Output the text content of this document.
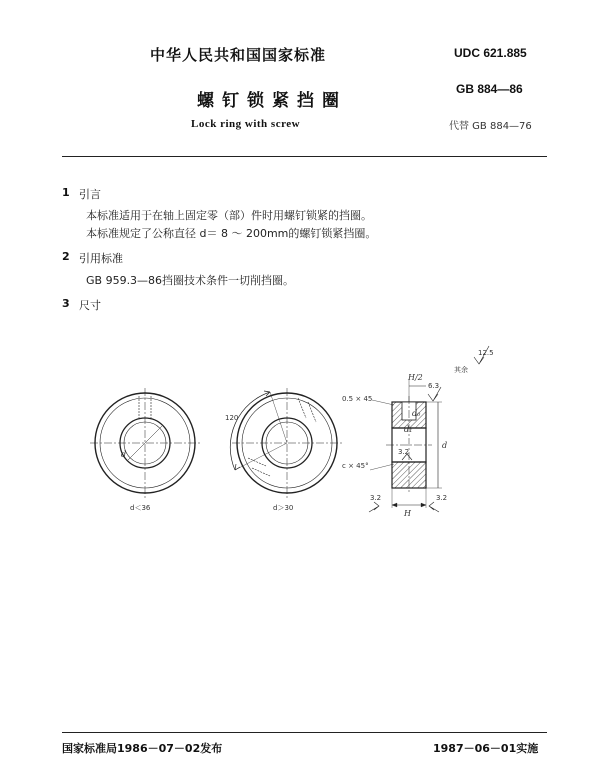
中华人民共和国国家标准	UDC 621.885
螺钉锁紧挡圈
GB 884—86
Lock ring with screw	代替 GB 884—76
1 引言
本标准适用于在轴上固定零（部）件时用螺钉锁紧的挡圈。
本标准规定了公称直径 d＝ 8 ～ 200mm的螺钉锁紧挡圈。
2 引用标准
GB 959.3—86挡圈技术条件一切削挡圈。
3 尺寸
d
d＜36
120
d＞30
其余
12.5
6.3
3.2
3.2	3.2
0.5 × 45
c × 45°
H/2
H
d
d₁
d₀
国家标准局1986－07－02发布	1987－06－01实施
